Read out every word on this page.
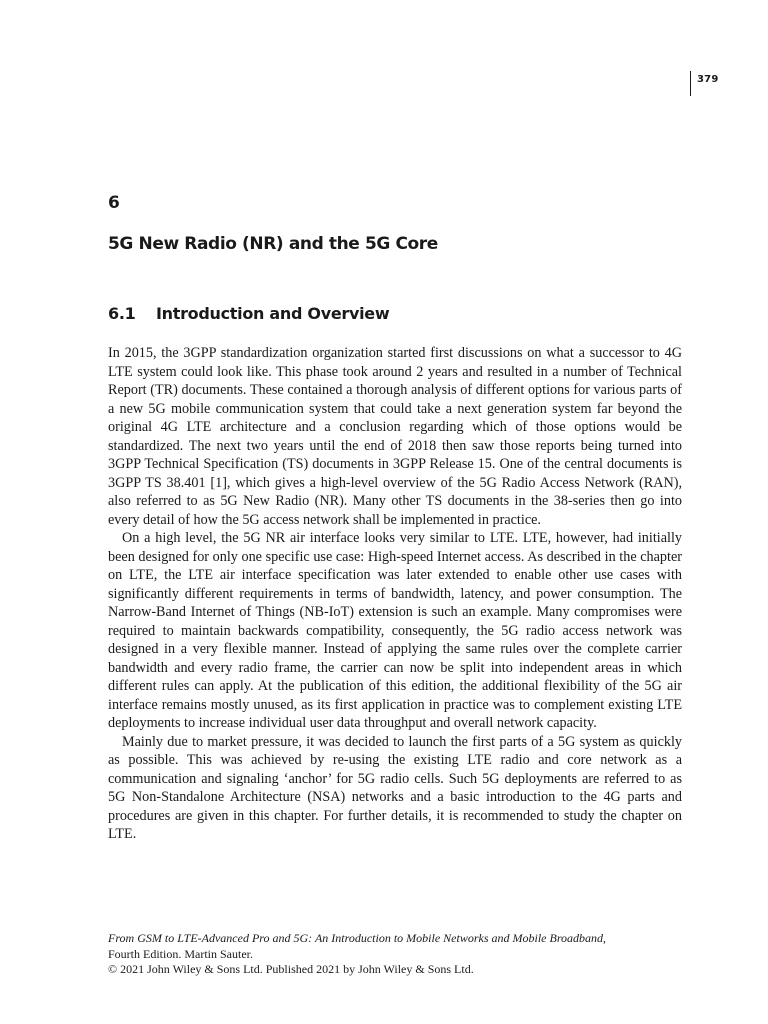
379
6
5G New Radio (NR) and the 5G Core
6.1 Introduction and Overview

In 2015, the 3GPP standardization organization started first discussions on what a successor to 4G LTE system could look like. This phase took around 2 years and resulted in a number of Technical Report (TR) documents. These contained a thorough analysis of different options for various parts of a new 5G mobile communication system that could take a next generation system far beyond the original 4G LTE architecture and a conclusion regarding which of those options would be standardized. The next two years until the end of 2018 then saw those reports being turned into 3GPP Technical Specification (TS) documents in 3GPP Release 15. One of the central documents is 3GPP TS 38.401 [1], which gives a high-level overview of the 5G Radio Access Network (RAN), also referred to as 5G New Radio (NR). Many other TS documents in the 38-series then go into every detail of how the 5G access network shall be implemented in practice.

On a high level, the 5G NR air interface looks very similar to LTE. LTE, however, had initially been designed for only one specific use case: High-speed Internet access. As described in the chapter on LTE, the LTE air interface specification was later extended to enable other use cases with significantly different requirements in terms of bandwidth, latency, and power consumption. The Narrow-Band Internet of Things (NB-IoT) extension is such an example. Many compromises were required to maintain backwards compatibility, consequently, the 5G radio access network was designed in a very flexible manner. Instead of applying the same rules over the complete carrier bandwidth and every radio frame, the carrier can now be split into independent areas in which different rules can apply. At the publication of this edition, the additional flexibility of the 5G air interface remains mostly unused, as its first application in practice was to complement existing LTE deployments to increase individual user data throughput and overall network capacity.

Mainly due to market pressure, it was decided to launch the first parts of a 5G system as quickly as possible. This was achieved by re-using the existing LTE radio and core network as a communication and signaling ‘anchor’ for 5G radio cells. Such 5G deployments are referred to as 5G Non-Standalone Architecture (NSA) networks and a basic introduction to the 4G parts and procedures are given in this chapter. For further details, it is recommended to study the chapter on LTE.

From GSM to LTE-Advanced Pro and 5G: An Introduction to Mobile Networks and Mobile Broadband,
Fourth Edition. Martin Sauter.
© 2021 John Wiley & Sons Ltd. Published 2021 by John Wiley & Sons Ltd.
